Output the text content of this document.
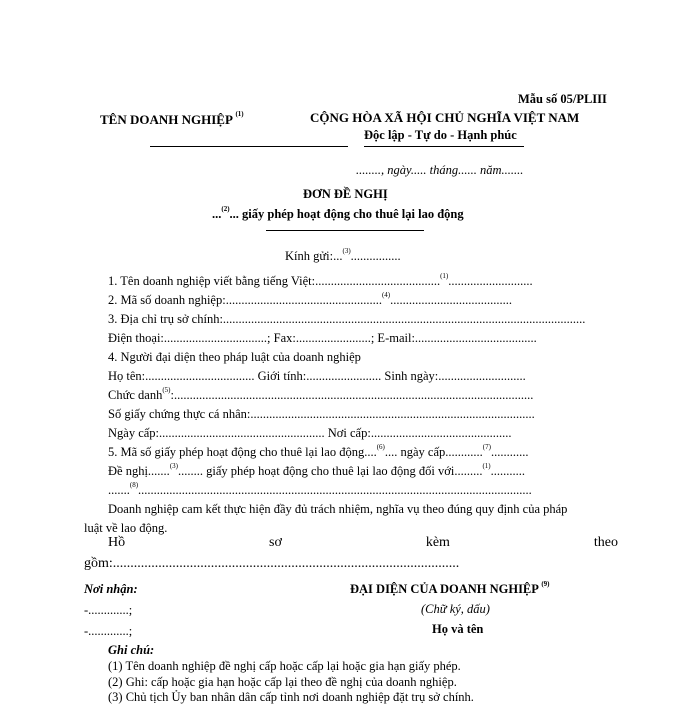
Mẫu số 05/PLIII
TÊN DOANH NGHIỆP $^{(1)}$	CỘNG HÒA XÃ HỘI CHỦ NGHĨA VIỆT NAM
Độc lập - Tự do - Hạnh phúc
........, ngày..... tháng...... năm.......
ĐƠN ĐỀ NGHỊ
...$^{(2)}$... giấy phép hoạt động cho thuê lại lao động
Kính gửi:...$^{(3)}$................
1. Tên doanh nghiệp viết bằng tiếng Việt:........................................$^{(1)}$...........................
2. Mã số doanh nghiệp:..................................................$^{(4)}$.......................................
3. Địa chỉ trụ sở chính:....................................................................................................................
Điện thoại:.................................; Fax:........................; E-mail:.......................................
4. Người đại diện theo pháp luật của doanh nghiệp
Họ tên:................................... Giới tính:........................ Sinh ngày:............................
Chức danh$^{(5)}$:...................................................................................................................
Số giấy chứng thực cá nhân:...........................................................................................
Ngày cấp:..................................................... Nơi cấp:.............................................
5. Mã số giấy phép hoạt động cho thuê lại lao động....$^{(6)}$.... ngày cấp............$^{(7)}$............
Đề nghị.......$^{(3)}$........ giấy phép hoạt động cho thuê lại lao động đối với.........$^{(1)}$...........
.......$^{(8)}$..............................................................................................................................
Doanh nghiệp cam kết thực hiện đầy đủ trách nhiệm, nghĩa vụ theo đúng quy định của pháp
luật về lao động.
Hồ	sơ	kèm	theo
gồm:...................................................................................................
Nơi nhận:
-.............;
-.............;
ĐẠI DIỆN CỦA DOANH NGHIỆP $^{(9)}$
(Chữ ký, dấu)
Họ và tên
Ghi chú:
(1) Tên doanh nghiệp đề nghị cấp hoặc cấp lại hoặc gia hạn giấy phép.
(2) Ghi: cấp hoặc gia hạn hoặc cấp lại theo đề nghị của doanh nghiệp.
(3) Chủ tịch Ủy ban nhân dân cấp tỉnh nơi doanh nghiệp đặt trụ sở chính.
